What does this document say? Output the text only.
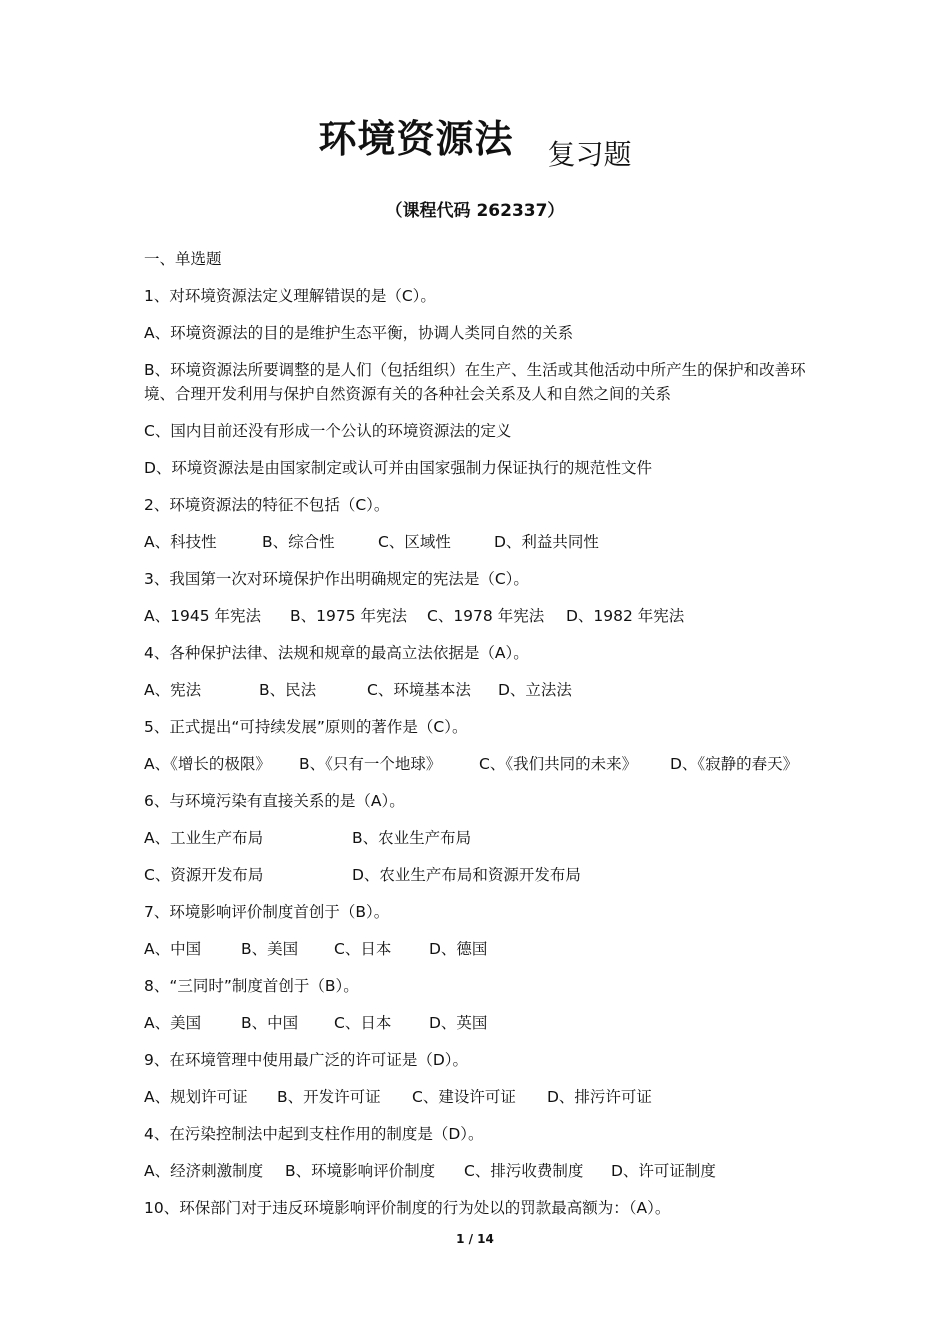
环境资源法 复习题
（课程代码 262337）
一、单选题
1、对环境资源法定义理解错误的是（C）。
A、环境资源法的目的是维护生态平衡，协调人类同自然的关系
B、环境资源法所要调整的是人们（包括组织）在生产、生活或其他活动中所产生的保护和改善环境、合理开发利用与保护自然资源有关的各种社会关系及人和自然之间的关系
C、国内目前还没有形成一个公认的环境资源法的定义
D、环境资源法是由国家制定或认可并由国家强制力保证执行的规范性文件
2、环境资源法的特征不包括（C）。
A、科技性	B、综合性	C、区域性	D、利益共同性
3、我国第一次对环境保护作出明确规定的宪法是（C）。
A、1945 年宪法	B、1975 年宪法	C、1978 年宪法	D、1982 年宪法
4、各种保护法律、法规和规章的最高立法依据是（A）。
A、宪法	B、民法	C、环境基本法	D、立法法
5、正式提出“可持续发展”原则的著作是（C）。
A、《增长的极限》	B、《只有一个地球》	C、《我们共同的未来》	D、《寂静的春天》
6、与环境污染有直接关系的是（A）。
A、工业生产布局	B、农业生产布局
C、资源开发布局	D、农业生产布局和资源开发布局
7、环境影响评价制度首创于（B）。
A、中国	B、美国	C、日本	D、德国
8、“三同时”制度首创于（B）。
A、美国	B、中国	C、日本	D、英国
9、在环境管理中使用最广泛的许可证是（D）。
A、规划许可证	B、开发许可证	C、建设许可证	D、排污许可证
4、在污染控制法中起到支柱作用的制度是（D）。
A、经济刺激制度	B、环境影响评价制度	C、排污收费制度	D、许可证制度
10、环保部门对于违反环境影响评价制度的行为处以的罚款最高额为：（A）。
1 / 14
